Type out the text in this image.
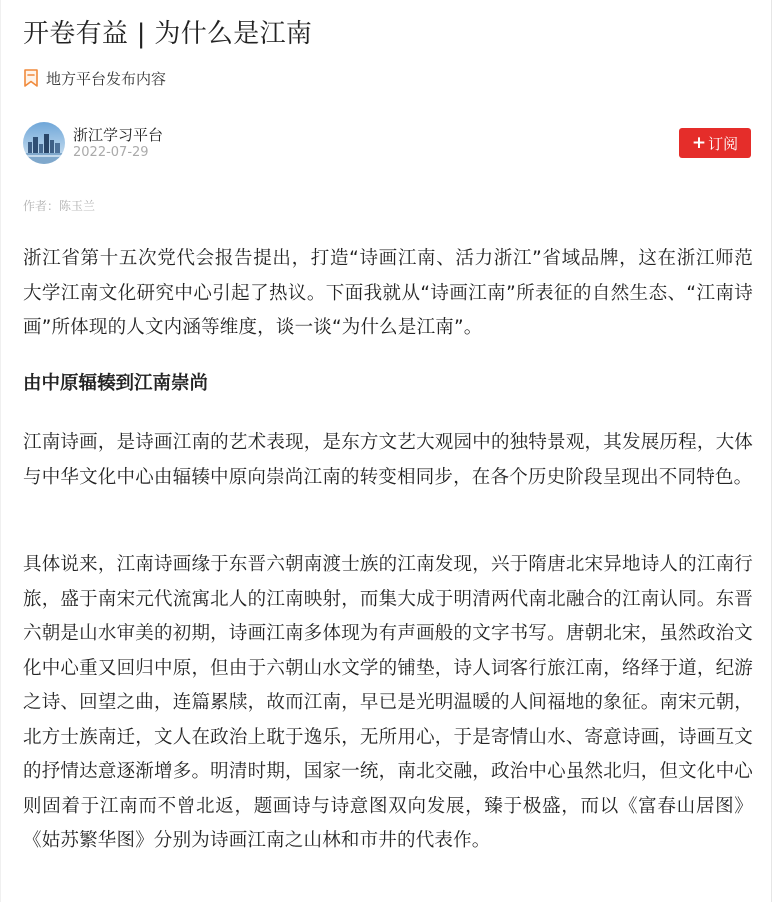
开卷有益 | 为什么是江南
地方平台发布内容
浙江学习平台
2022-07-29	+ 订阅
作者：陈玉兰

浙江省第十五次党代会报告提出，打造“诗画江南、活力浙江”省域品牌，这在浙江师范大学江南文化研究中心引起了热议。下面我就从“诗画江南”所表征的自然生态、“江南诗画”所体现的人文内涵等维度，谈一谈“为什么是江南”。

由中原辐辏到江南崇尚

江南诗画，是诗画江南的艺术表现，是东方文艺大观园中的独特景观，其发展历程，大体与中华文化中心由辐辏中原向崇尚江南的转变相同步，在各个历史阶段呈现出不同特色。

具体说来，江南诗画缘于东晋六朝南渡士族的江南发现，兴于隋唐北宋异地诗人的江南行旅，盛于南宋元代流寓北人的江南映射，而集大成于明清两代南北融合的江南认同。东晋六朝是山水审美的初期，诗画江南多体现为有声画般的文字书写。唐朝北宋，虽然政治文化中心重又回归中原，但由于六朝山水文学的铺垫，诗人词客行旅江南，络绎于道，纪游之诗、回望之曲，连篇累牍，故而江南，早已是光明温暖的人间福地的象征。南宋元朝，北方士族南迁，文人在政治上耽于逸乐，无所用心，于是寄情山水、寄意诗画，诗画互文的抒情达意逐渐增多。明清时期，国家一统，南北交融，政治中心虽然北归，但文化中心则固着于江南而不曾北返，题画诗与诗意图双向发展，臻于极盛，而以《富春山居图》《姑苏繁华图》分别为诗画江南之山林和市井的代表作。
